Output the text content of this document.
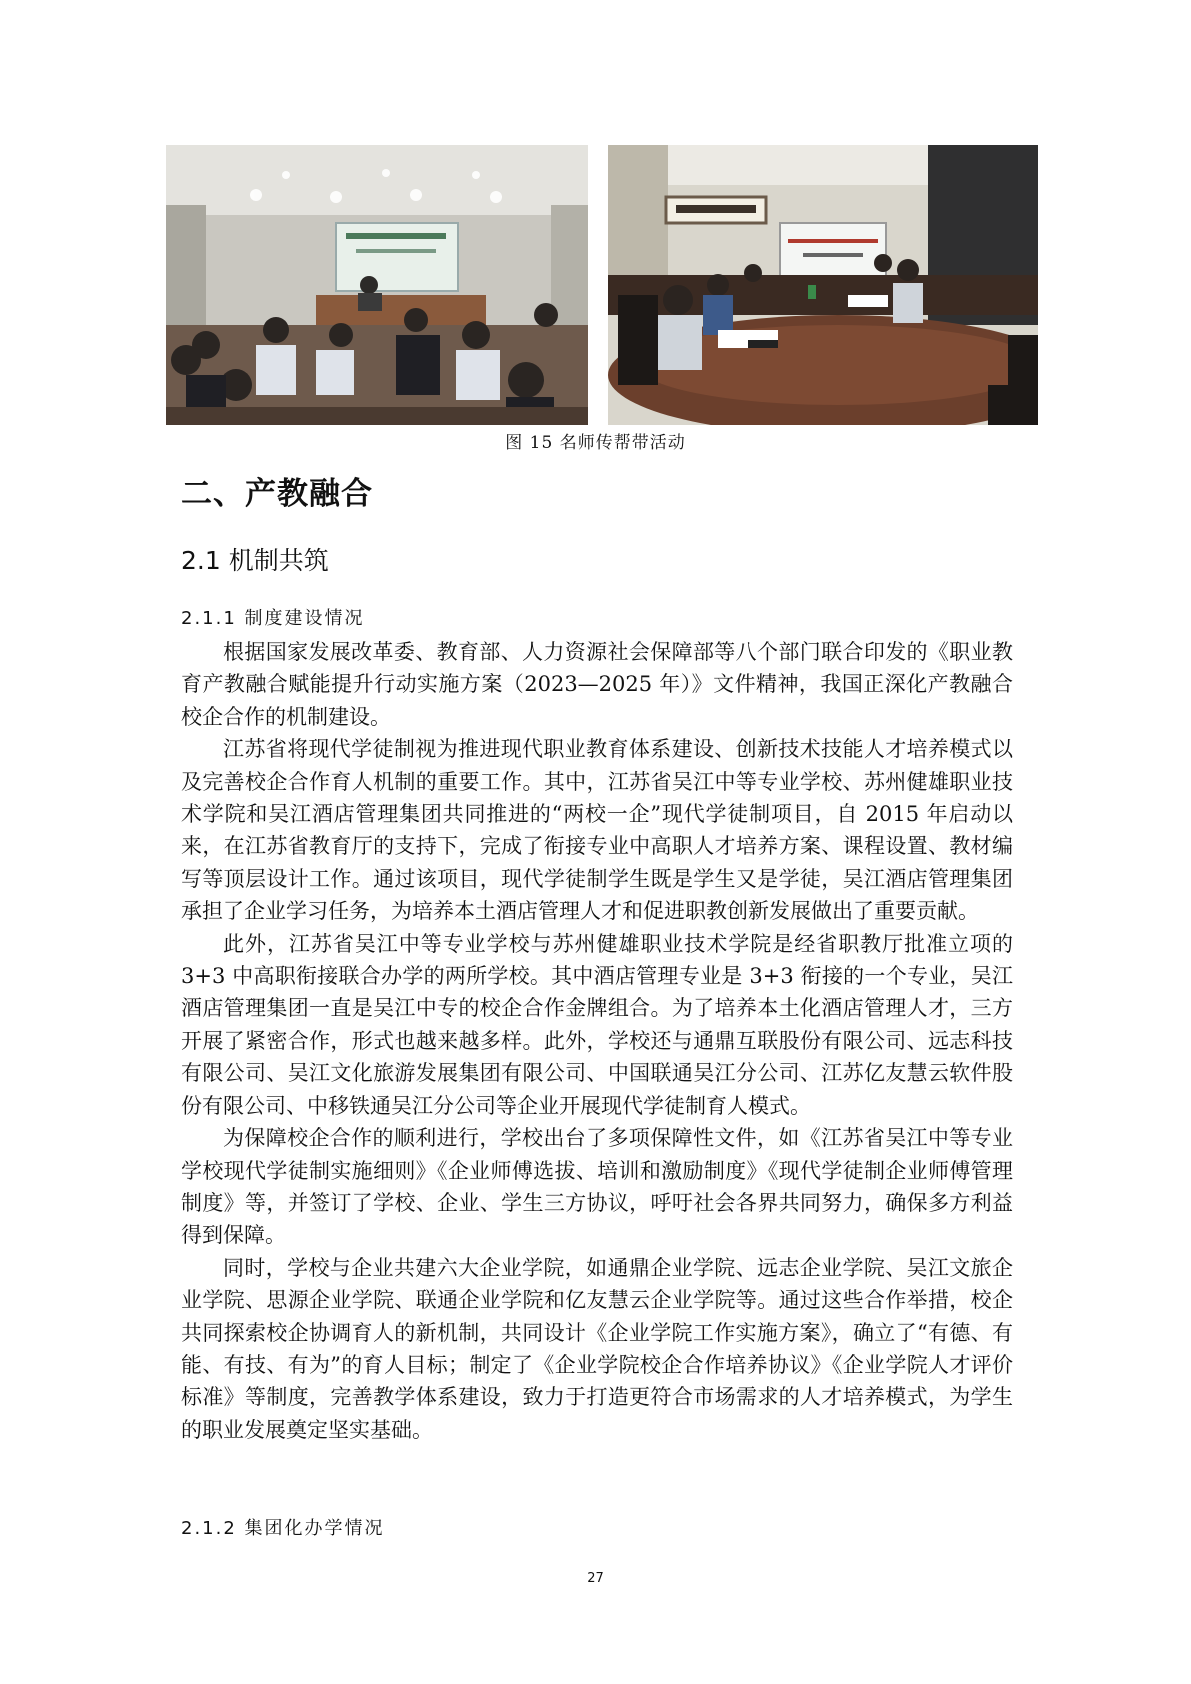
图 15 名师传帮带活动
二、产教融合
2.1 机制共筑
2.1.1 制度建设情况

根据国家发展改革委、教育部、人力资源社会保障部等八个部门联合印发的《职业教育产教融合赋能提升行动实施方案（2023—2025 年）》文件精神，我国正深化产教融合校企合作的机制建设。

江苏省将现代学徒制视为推进现代职业教育体系建设、创新技术技能人才培养模式以及完善校企合作育人机制的重要工作。其中，江苏省吴江中等专业学校、苏州健雄职业技术学院和吴江酒店管理集团共同推进的“两校一企”现代学徒制项目，自 2015 年启动以来，在江苏省教育厅的支持下，完成了衔接专业中高职人才培养方案、课程设置、教材编写等顶层设计工作。通过该项目，现代学徒制学生既是学生又是学徒，吴江酒店管理集团承担了企业学习任务，为培养本土酒店管理人才和促进职教创新发展做出了重要贡献。

此外，江苏省吴江中等专业学校与苏州健雄职业技术学院是经省职教厅批准立项的 3+3 中高职衔接联合办学的两所学校。其中酒店管理专业是 3+3 衔接的一个专业，吴江酒店管理集团一直是吴江中专的校企合作金牌组合。为了培养本土化酒店管理人才，三方开展了紧密合作，形式也越来越多样。此外，学校还与通鼎互联股份有限公司、远志科技有限公司、吴江文化旅游发展集团有限公司、中国联通吴江分公司、江苏亿友慧云软件股份有限公司、中移铁通吴江分公司等企业开展现代学徒制育人模式。

为保障校企合作的顺利进行，学校出台了多项保障性文件，如《江苏省吴江中等专业学校现代学徒制实施细则》《企业师傅选拔、培训和激励制度》《现代学徒制企业师傅管理制度》等，并签订了学校、企业、学生三方协议，呼吁社会各界共同努力，确保多方利益得到保障。

同时，学校与企业共建六大企业学院，如通鼎企业学院、远志企业学院、吴江文旅企业学院、思源企业学院、联通企业学院和亿友慧云企业学院等。通过这些合作举措，校企共同探索校企协调育人的新机制，共同设计《企业学院工作实施方案》，确立了“有德、有能、有技、有为”的育人目标；制定了《企业学院校企合作培养协议》《企业学院人才评价标准》等制度，完善教学体系建设，致力于打造更符合市场需求的人才培养模式，为学生的职业发展奠定坚实基础。

2.1.2 集团化办学情况
27
